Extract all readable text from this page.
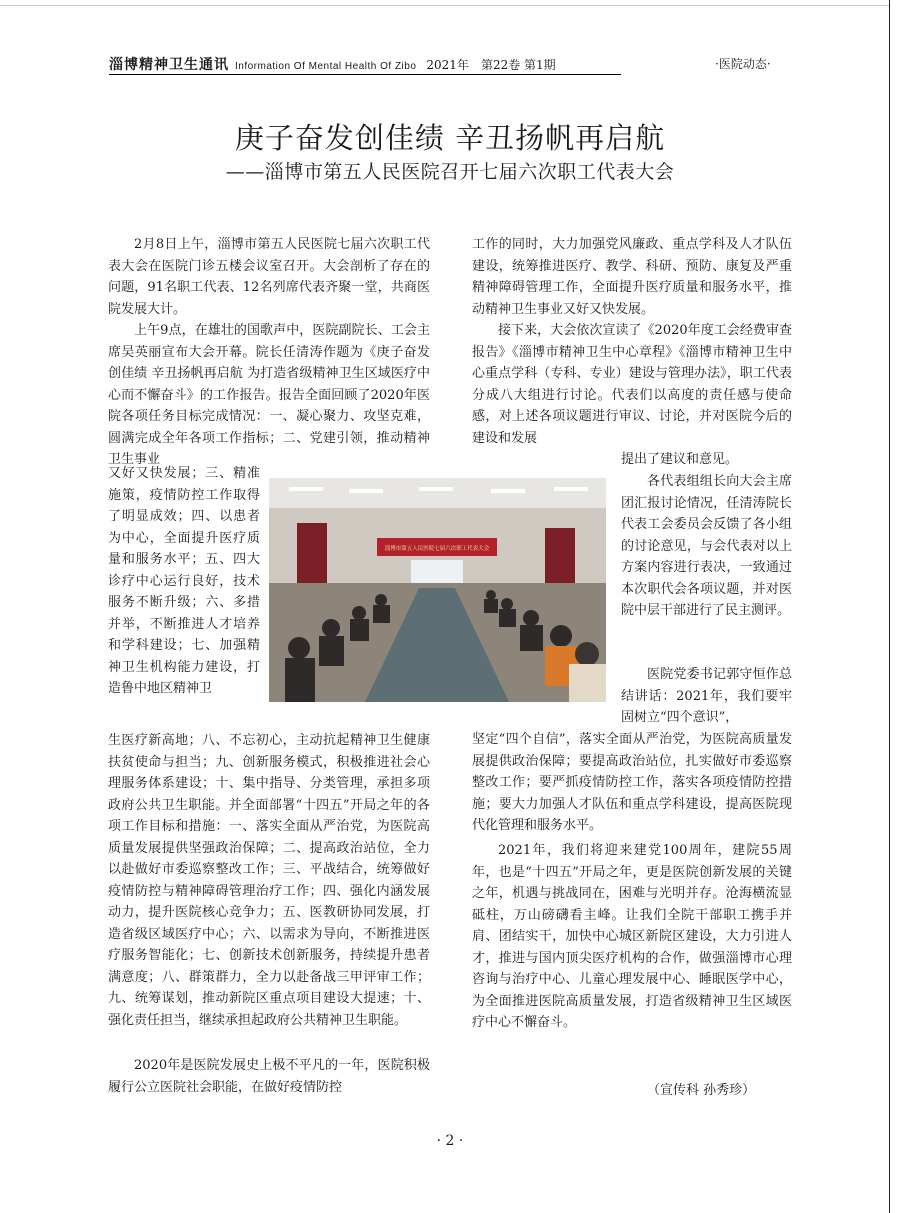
淄博精神卫生通讯 Information Of Mental Health Of Zibo 2021年　第22卷 第1期	·医院动态·
庚子奋发创佳绩 辛丑扬帆再启航
——淄博市第五人民医院召开七届六次职工代表大会
2月8日上午，淄博市第五人民医院七届六次职工代表大会在医院门诊五楼会议室召开。大会剖析了存在的问题，91名职工代表、12名列席代表齐聚一堂，共商医院发展大计。
上午9点，在雄壮的国歌声中，医院副院长、工会主席吴英丽宣布大会开幕。院长任清涛作题为《庚子奋发创佳绩 辛丑扬帆再启航 为打造省级精神卫生区域医疗中心而不懈奋斗》的工作报告。报告全面回顾了2020年医院各项任务目标完成情况：一、凝心聚力、攻坚克难，圆满完成全年各项工作指标；二、党建引领，推动精神卫生事业
又好又快发展；三、精准施策，疫情防控工作取得了明显成效；四、以患者为中心，全面提升医疗质量和服务水平；五、四大诊疗中心运行良好，技术服务不断升级；六、多措并举，不断推进人才培养和学科建设；七、加强精神卫生机构能力建设，打造鲁中地区精神卫
生医疗新高地；八、不忘初心，主动抗起精神卫生健康扶贫使命与担当；九、创新服务模式，积极推进社会心理服务体系建设；十、集中指导、分类管理，承担多项政府公共卫生职能。并全面部署“十四五”开局之年的各项工作目标和措施：一、落实全面从严治党，为医院高质量发展提供坚强政治保障；二、提高政治站位，全力以赴做好市委巡察整改工作；三、平战结合，统筹做好疫情防控与精神障碍管理治疗工作；四、强化内涵发展动力，提升医院核心竞争力；五、医教研协同发展，打造省级区域医疗中心；六、以需求为导向，不断推进医疗服务智能化；七、创新技术创新服务，持续提升患者满意度；八、群策群力，全力以赴备战三甲评审工作；九、统筹谋划，推动新院区重点项目建设大提速；十、强化责任担当，继续承担起政府公共精神卫生职能。
2020年是医院发展史上极不平凡的一年，医院积极履行公立医院社会职能，在做好疫情防控
工作的同时，大力加强党风廉政、重点学科及人才队伍建设，统筹推进医疗、教学、科研、预防、康复及严重精神障碍管理工作，全面提升医疗质量和服务水平，推动精神卫生事业又好又快发展。
接下来，大会依次宣读了《2020年度工会经费审查报告》《淄博市精神卫生中心章程》《淄博市精神卫生中心重点学科（专科、专业）建设与管理办法》，职工代表分成八大组进行讨论。代表们以高度的责任感与使命感，对上述各项议题进行审议、讨论，并对医院今后的建设和发展
提出了建议和意见。
各代表组组长向大会主席团汇报讨论情况，任清涛院长代表工会委员会反馈了各小组的讨论意见，与会代表对以上方案内容进行表决，一致通过本次职代会各项议题，并对医院中层干部进行了民主测评。
医院党委书记郭守恒作总结讲话：2021年，我们要牢固树立“四个意识”，
坚定“四个自信”，落实全面从严治党，为医院高质量发展提供政治保障；要提高政治站位，扎实做好市委巡察整改工作；要严抓疫情防控工作，落实各项疫情防控措施；要大力加强人才队伍和重点学科建设，提高医院现代化管理和服务水平。
2021年，我们将迎来建党100周年，建院55周年，也是“十四五”开局之年，更是医院创新发展的关键之年，机遇与挑战同在，困难与光明并存。沧海横流显砥柱，万山磅礴看主峰。让我们全院干部职工携手并肩、团结实干，加快中心城区新院区建设，大力引进人才，推进与国内顶尖医疗机构的合作，做强淄博市心理咨询与治疗中心、儿童心理发展中心、睡眠医学中心，为全面推进医院高质量发展，打造省级精神卫生区域医疗中心不懈奋斗。
（宣传科 孙秀珍）
淄博市第五人民医院七届六次职工代表大会
· 2 ·
